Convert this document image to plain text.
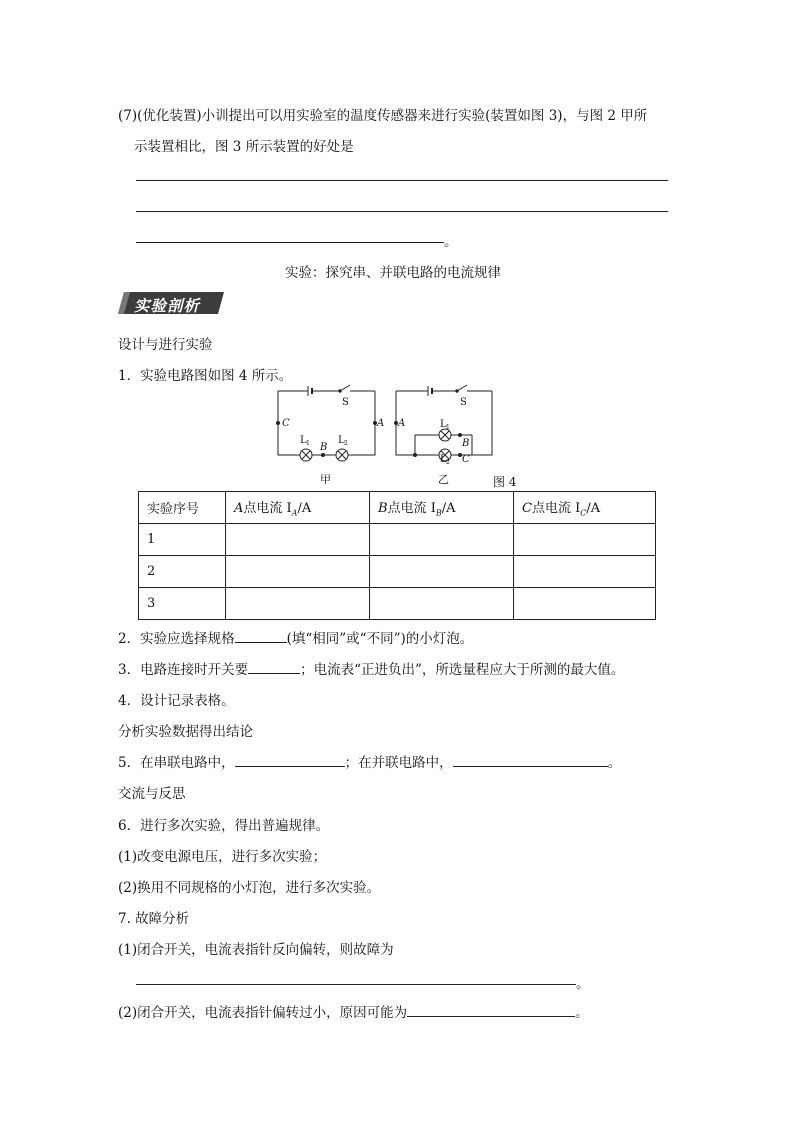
(7)(优化装置)小训提出可以用实验室的温度传感器来进行实验(装置如图 3)，与图 2 甲所
示装置相比，图 3 所示装置的好处是
。
实验：探究串、并联电路的电流规律
实验剖析
设计与进行实验
1．实验电路图如图 4 所示。
S
C	A
L 1	L 2
B
甲
S
A	L 1
L 2
B
C
乙	图 4
实验序号	A点电流 $I_A/A$	B点电流 $I_B/A$	C点电流 $I_C/A$
1			
2			
3			
2．实验应选择规格	(填“相同”或“不同”)的小灯泡。
3．电路连接时开关要	；电流表“正进负出”，所选量程应大于所测的最大值。
4．设计记录表格。
分析实验数据得出结论
5．在串联电路中，	；在并联电路中，	。
交流与反思
6．进行多次实验，得出普遍规律。
(1)改变电源电压，进行多次实验；
(2)换用不同规格的小灯泡，进行多次实验。
7. 故障分析
(1)闭合开关，电流表指针反向偏转，则故障为
。
(2)闭合开关，电流表指针偏转过小，原因可能为	。
